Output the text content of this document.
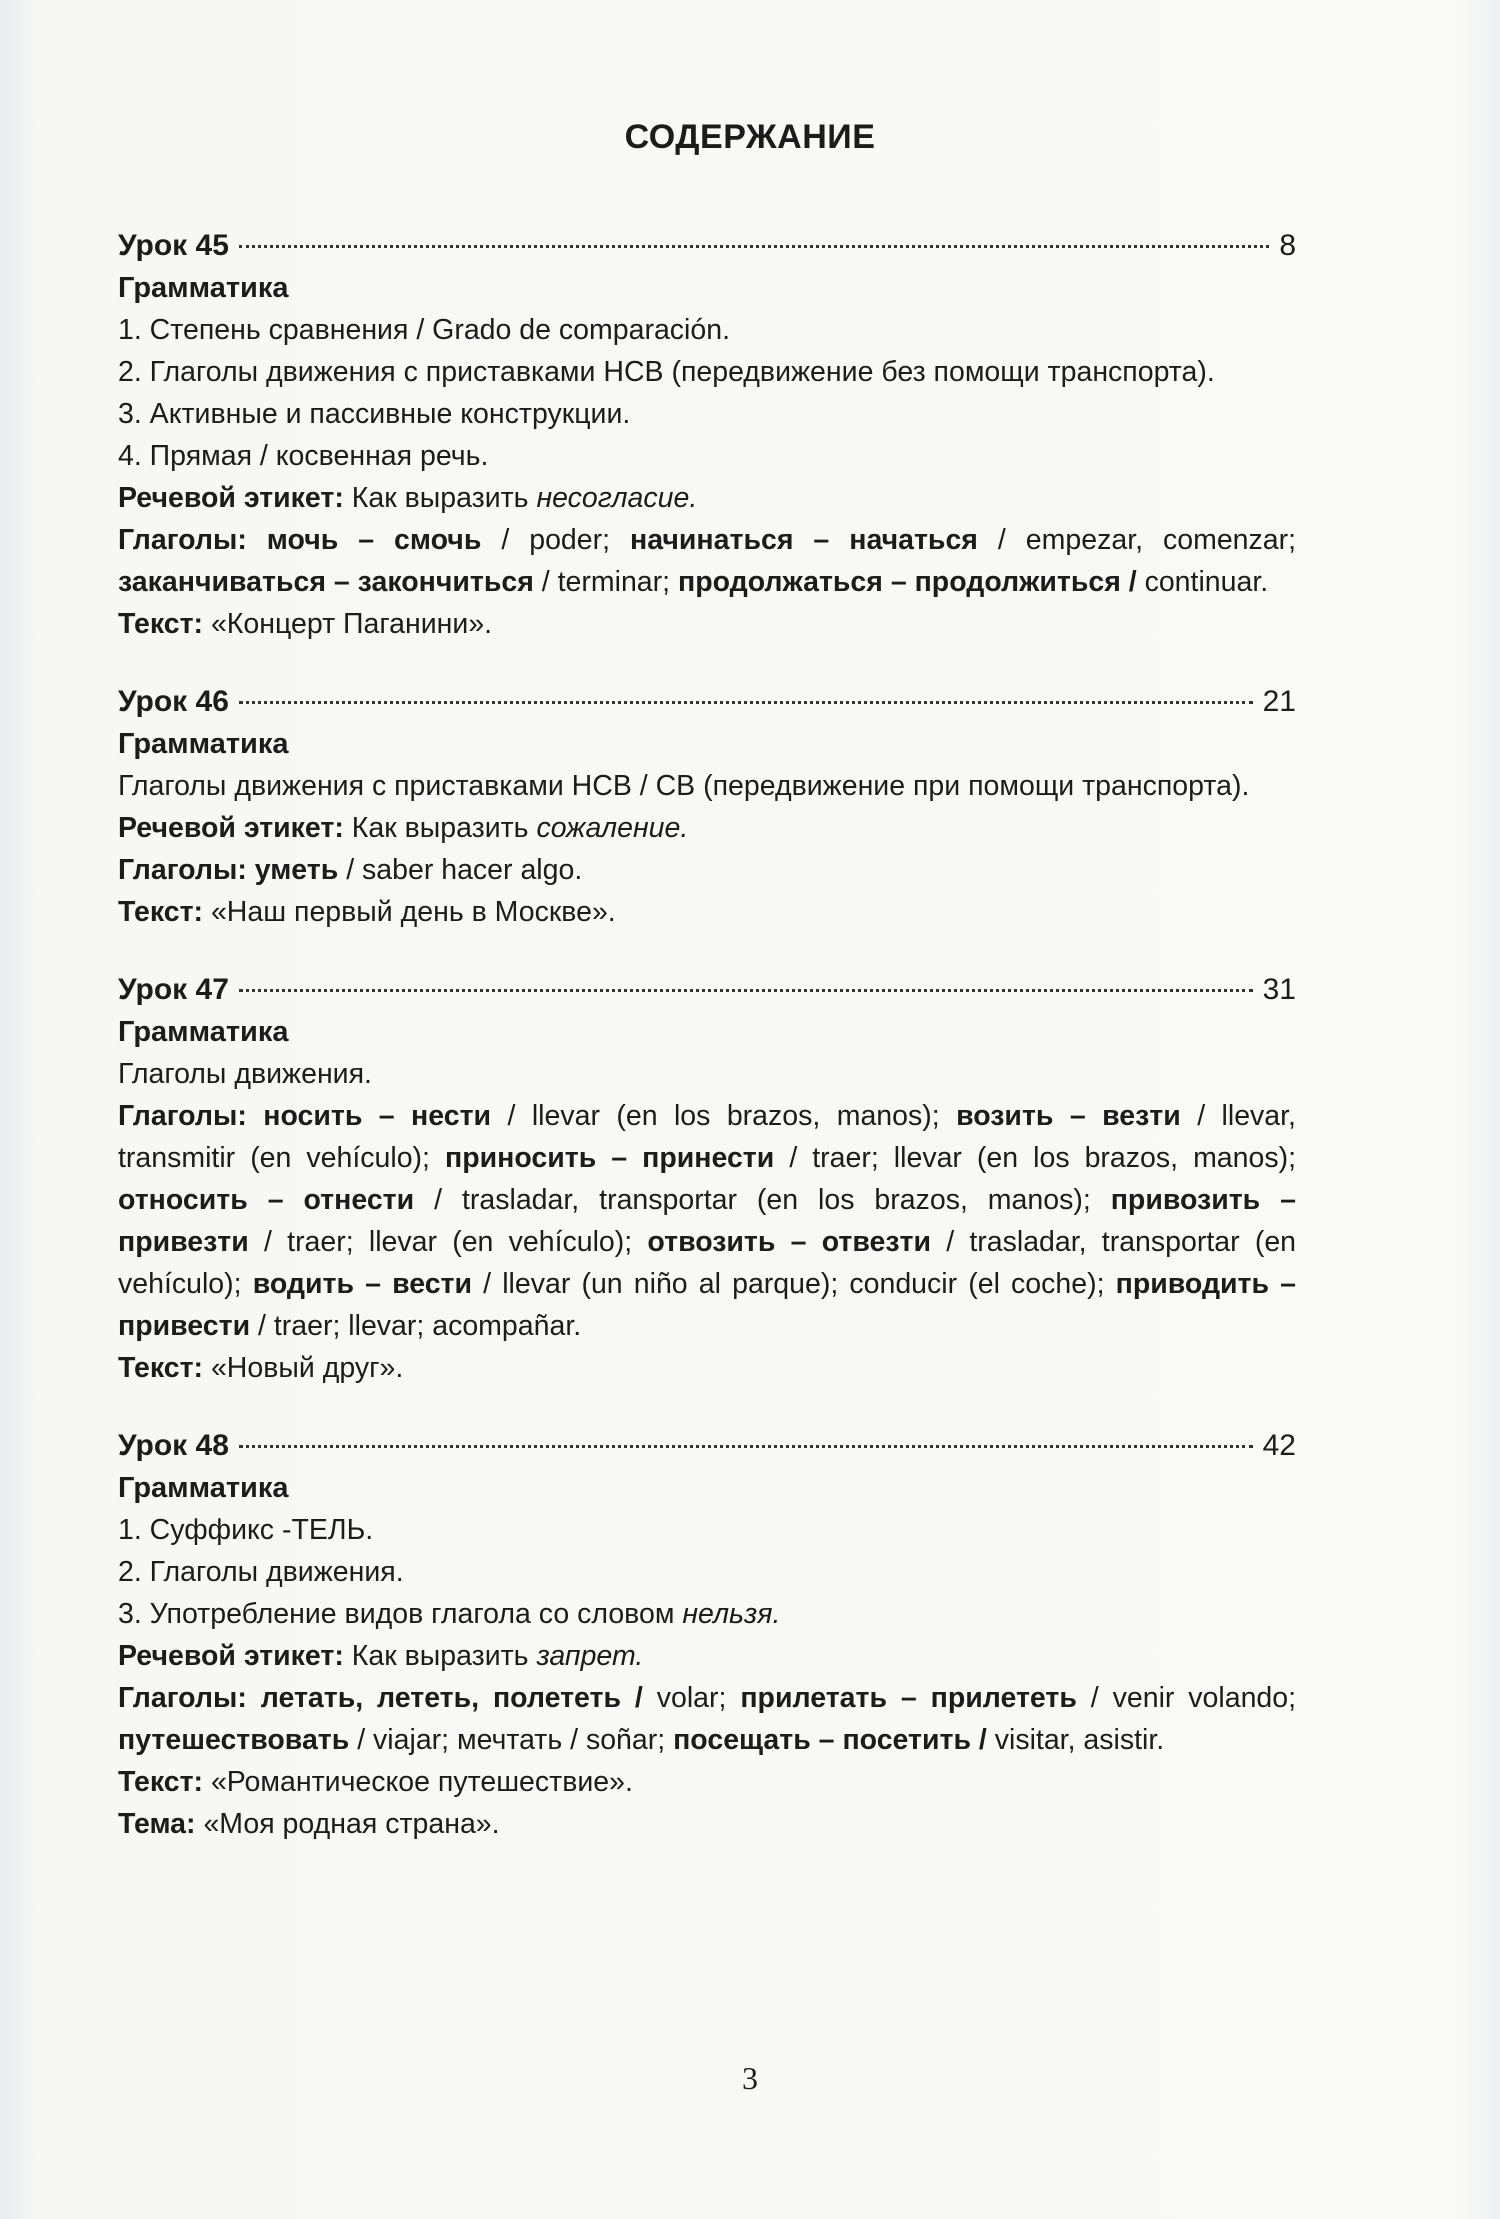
СОДЕРЖАНИЕ
Урок 45	8
Грамматика
1. Степень сравнения / Grado de comparación.
2. Глаголы движения с приставками НСВ (передвижение без помощи транспорта).
3. Активные и пассивные конструкции.
4. Прямая / косвенная речь.
Речевой этикет: Как выразить несогласие.
Глаголы: мочь – смочь / poder; начинаться – начаться / empezar, comenzar; заканчиваться – закончиться / terminar; продолжаться – продолжиться / continuar.
Текст: «Концерт Паганини».
Урок 46	21
Грамматика
Глаголы движения с приставками НСВ / СВ (передвижение при помощи транспорта).
Речевой этикет: Как выразить сожаление.
Глаголы: уметь / saber hacer algo.
Текст: «Наш первый день в Москве».
Урок 47	31
Грамматика
Глаголы движения.
Глаголы: носить – нести / llevar (en los brazos, manos); возить – везти / llevar, transmitir (en vehículo); приносить – принести / traer; llevar (en los brazos, manos); относить – отнести / trasladar, transportar (en los brazos, manos); привозить – привезти / traer; llevar (en vehículo); отвозить – отвезти / trasladar, transportar (en vehículo); водить – вести / llevar (un niño al parque); conducir (el coche); приводить – привести / traer; llevar; acompañar.
Текст: «Новый друг».
Урок 48	42
Грамматика
1. Суффикс -ТЕЛЬ.
2. Глаголы движения.
3. Употребление видов глагола со словом нельзя.
Речевой этикет: Как выразить запрет.
Глаголы: летать, лететь, полететь / volar; прилетать – прилететь / venir volando; путешествовать / viajar; мечтать / soñar; посещать – посетить / visitar, asistir.
Текст: «Романтическое путешествие».
Тема: «Моя родная страна».
3
